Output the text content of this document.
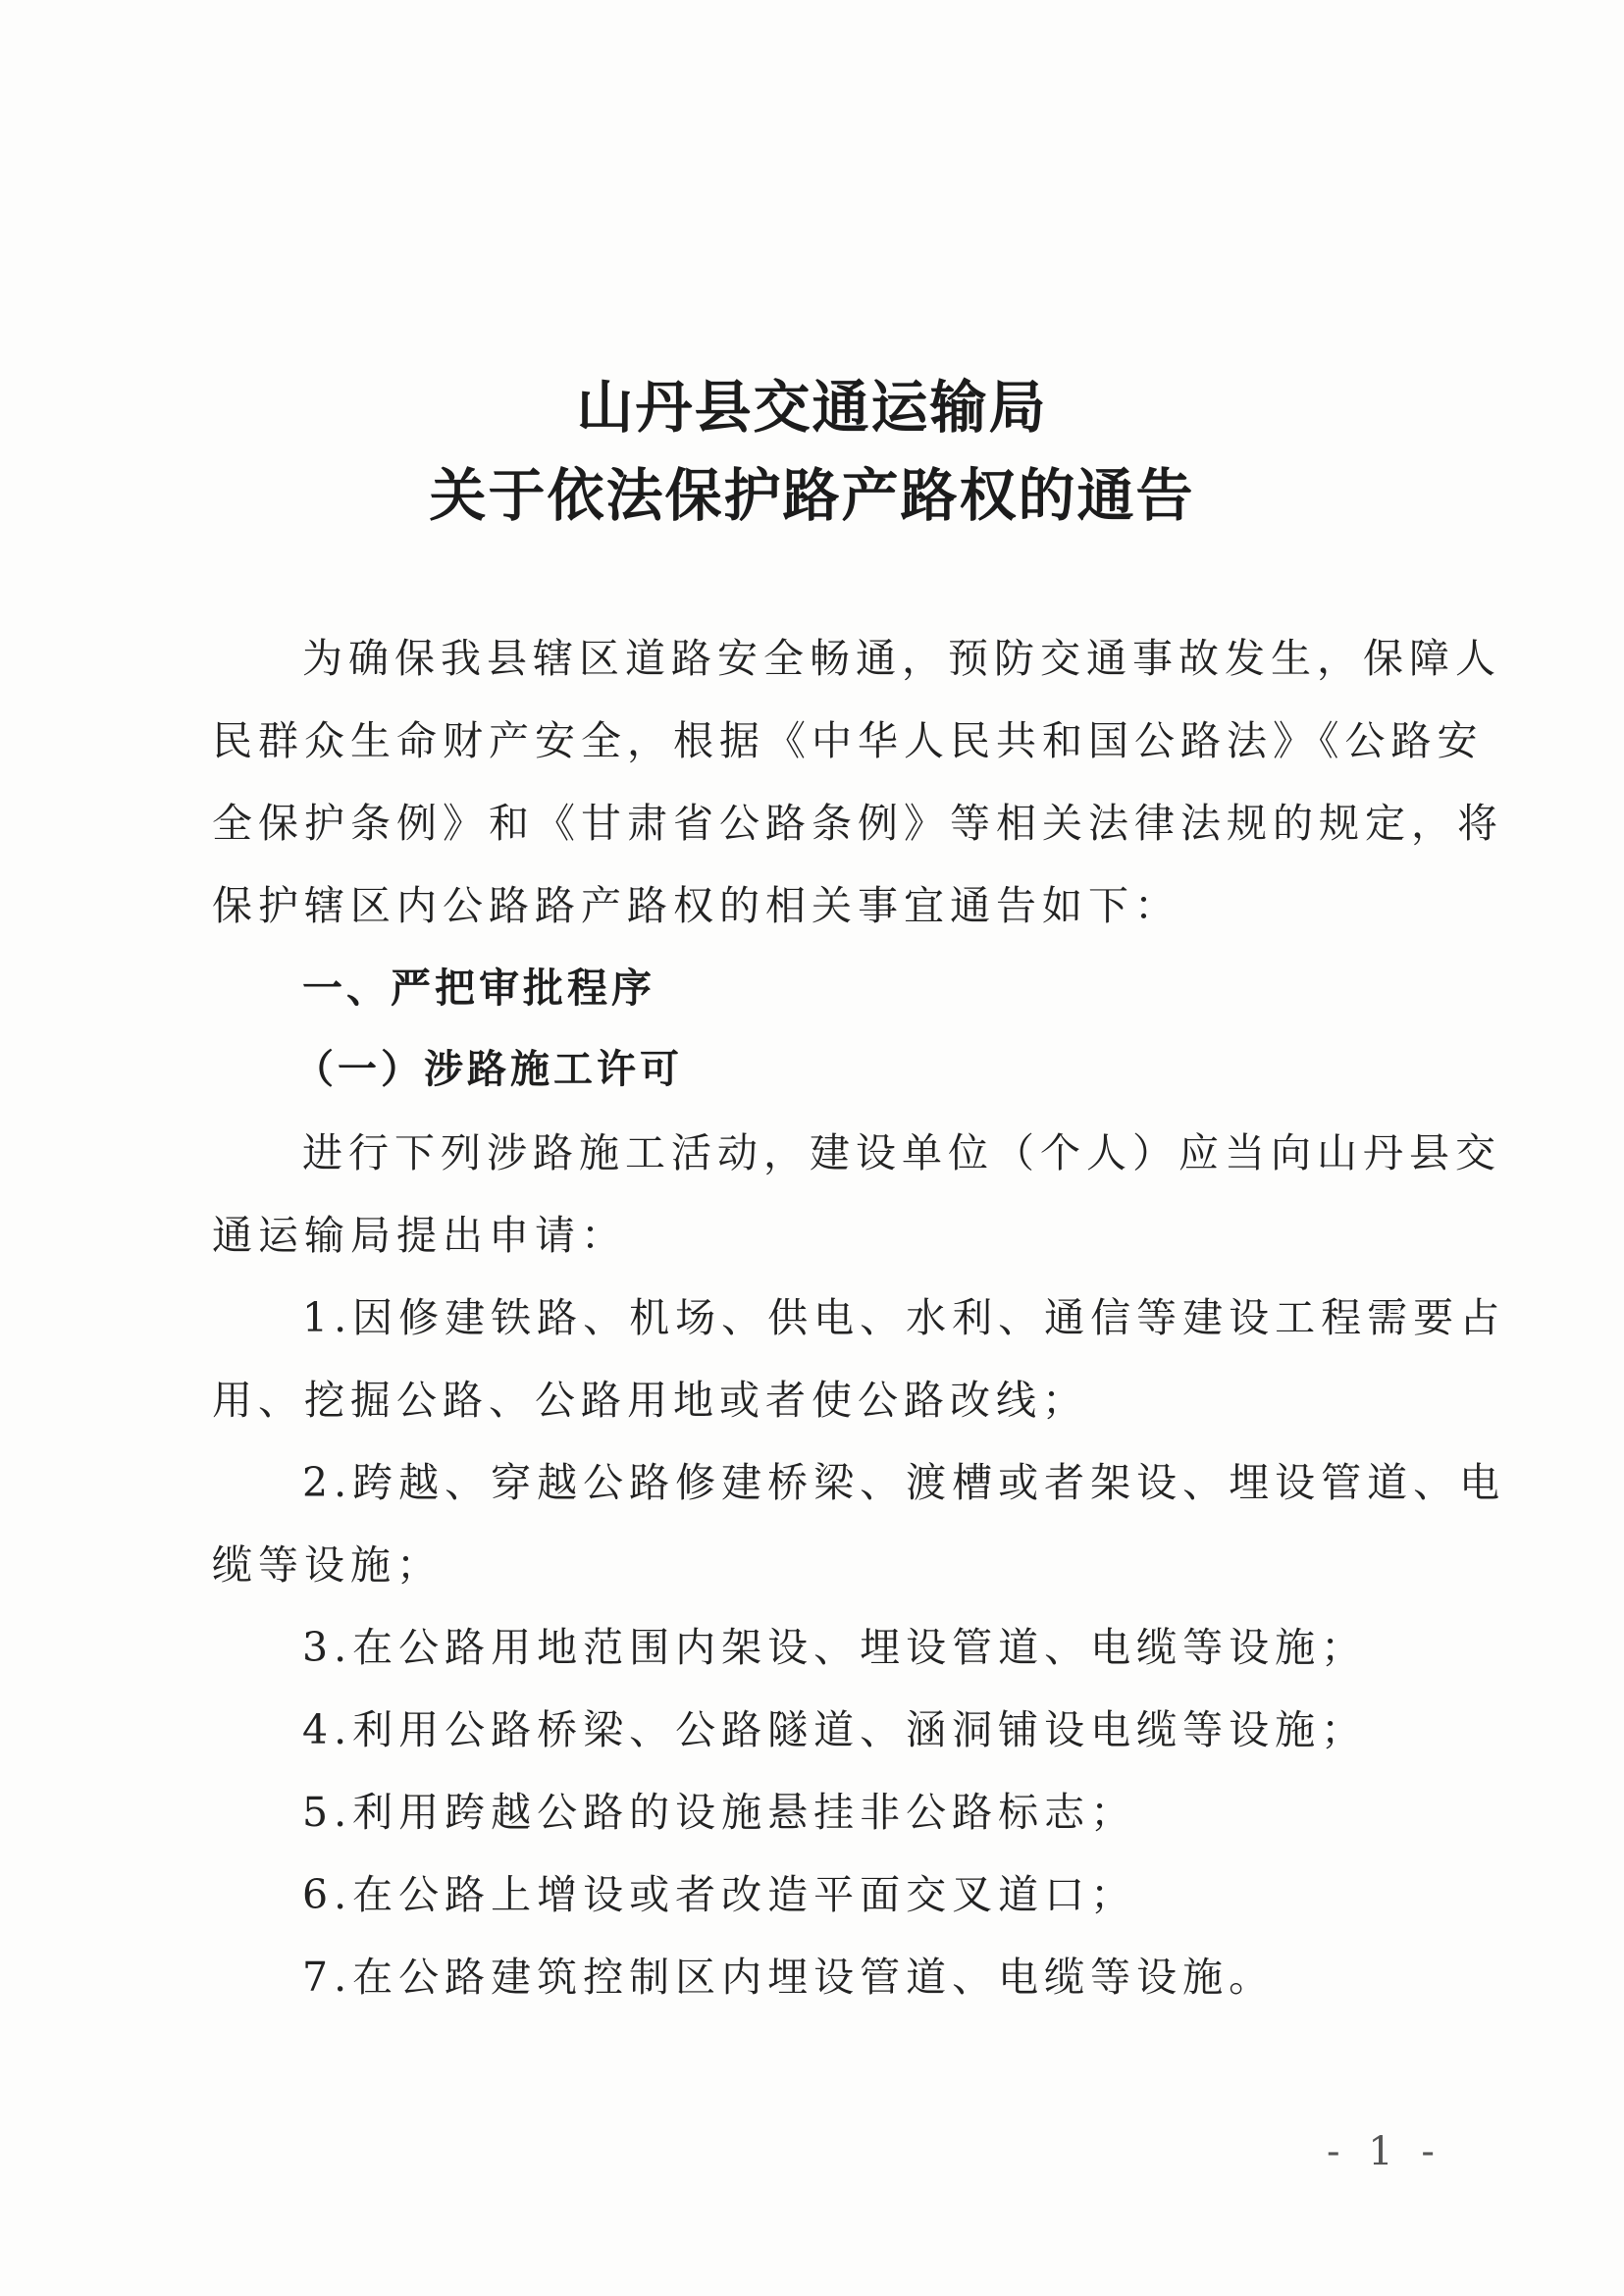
山丹县交通运输局
关于依法保护路产路权的通告
为确保我县辖区道路安全畅通，预防交通事故发生，保障人
民群众生命财产安全，根据《中华人民共和国公路法》《公路安
全保护条例》和《甘肃省公路条例》等相关法律法规的规定，将
保护辖区内公路路产路权的相关事宜通告如下：
一、严把审批程序
（一）涉路施工许可
进行下列涉路施工活动，建设单位（个人）应当向山丹县交
通运输局提出申请：
1.因修建铁路、机场、供电、水利、通信等建设工程需要占
用、挖掘公路、公路用地或者使公路改线；
2.跨越、穿越公路修建桥梁、渡槽或者架设、埋设管道、电
缆等设施；
3.在公路用地范围内架设、埋设管道、电缆等设施；
4.利用公路桥梁、公路隧道、涵洞铺设电缆等设施；
5.利用跨越公路的设施悬挂非公路标志；
6.在公路上增设或者改造平面交叉道口；
7.在公路建筑控制区内埋设管道、电缆等设施。
- 1 -
